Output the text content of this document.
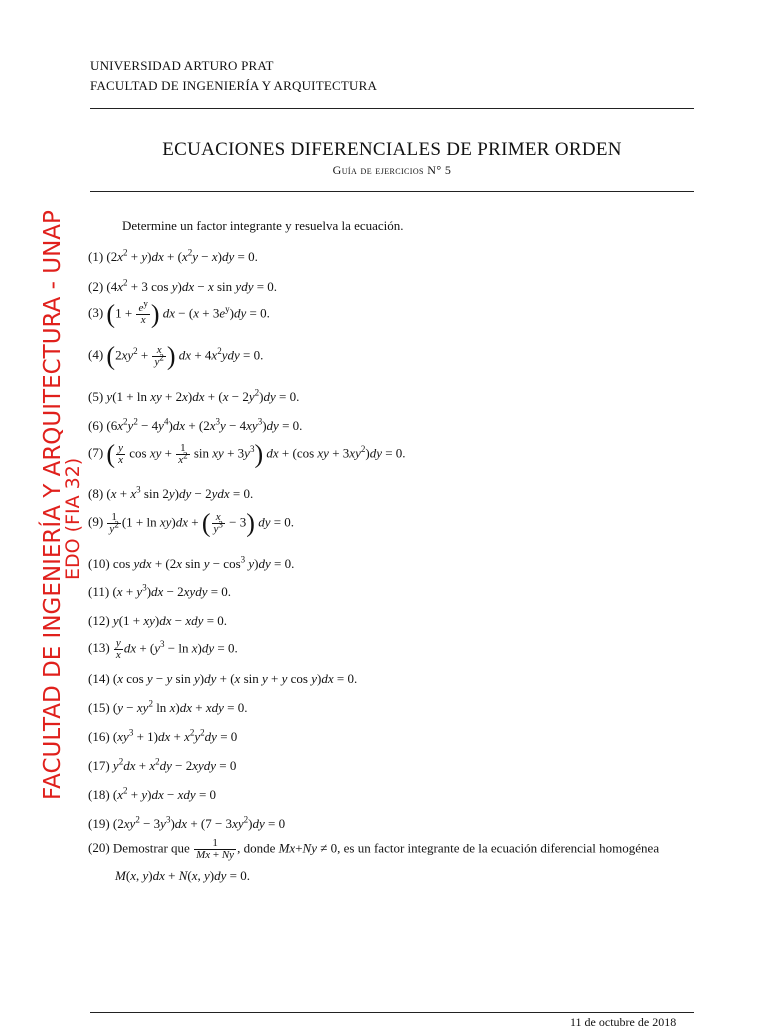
UNIVERSIDAD ARTURO PRAT
FACULTAD DE INGENIERÍA Y ARQUITECTURA
ECUACIONES DIFERENCIALES DE PRIMER ORDEN
Guía de ejercicios N° 5
FACULTAD DE INGENIERÍA Y ARQUITECTURA - UNAP
EDO (FIA 32)
Determine un factor integrante y resuelva la ecuación.
(1) $(2x^2 + y)dx + (x^2y - x)dy = 0$.
(2) ($4x^2 + 3$ cos y)dx − x sin ydy = 0.
(3) ($1 + \frac{e^y}{x}$ ) dx − $(x + 3e^y)dy = 0$.
(4) ($2xy^2 + \frac{x}{y^2}$ ) dx + $4x^2ydy = 0$.
(5) y(1 + ln xy + $2x)dx + (x - 2y^2)dy = 0$.
(6) $(6x^2y^2 - 4y^4)dx + (2x^3y - 4xy^3)dy = 0$.
(7) ( $\frac{y}{x}$ cos xy + $\frac{1}{x^2}$ sin xy + $3y^3$) dx + (cos xy + $3xy^2)dy = 0$.
(8) ($x + x^3$ sin 2y)dy − 2ydx = 0.
$(9) \frac{1}{y^2} (1 + \ln xy)dx$ + ( $\frac{x}{y^3} - 3$) dy = 0.
(10) cos ydx + (2x $\sin y - \cos^3 y)dy = 0$.
(11) $(x + y^3)dx$ − 2xydy = 0.
(12) y(1 + xy)dx − xdy = 0.
$(13) \frac{y}{x}$ dx + $(y^3 - \ln x)dy = 0$.
(14) (x cos y − y sin y)dy + (x sin y + y cos y)dx = 0.
(15) ($y - xy^2$ ln x)dx + xdy = 0.
(16) $(xy^3 + 1)dx + x^2y^2dy = 0$
(17) $y^2dx + x^2dy$ − 2xydy = 0
(18) $(x^2 + y)dx$ − xdy = 0
(19) $(2xy^2 - 3y^3)dx + (7 - 3xy^2)dy = 0$
(20) Demostrar que $\frac{1}{Mx + Ny}$ , donde Mx+Ny ≠ 0, es un factor integrante de la ecuación diferencial homogénea
M(x, y)dx + N(x, y)dy = 0.
11 de octubre de 2018
